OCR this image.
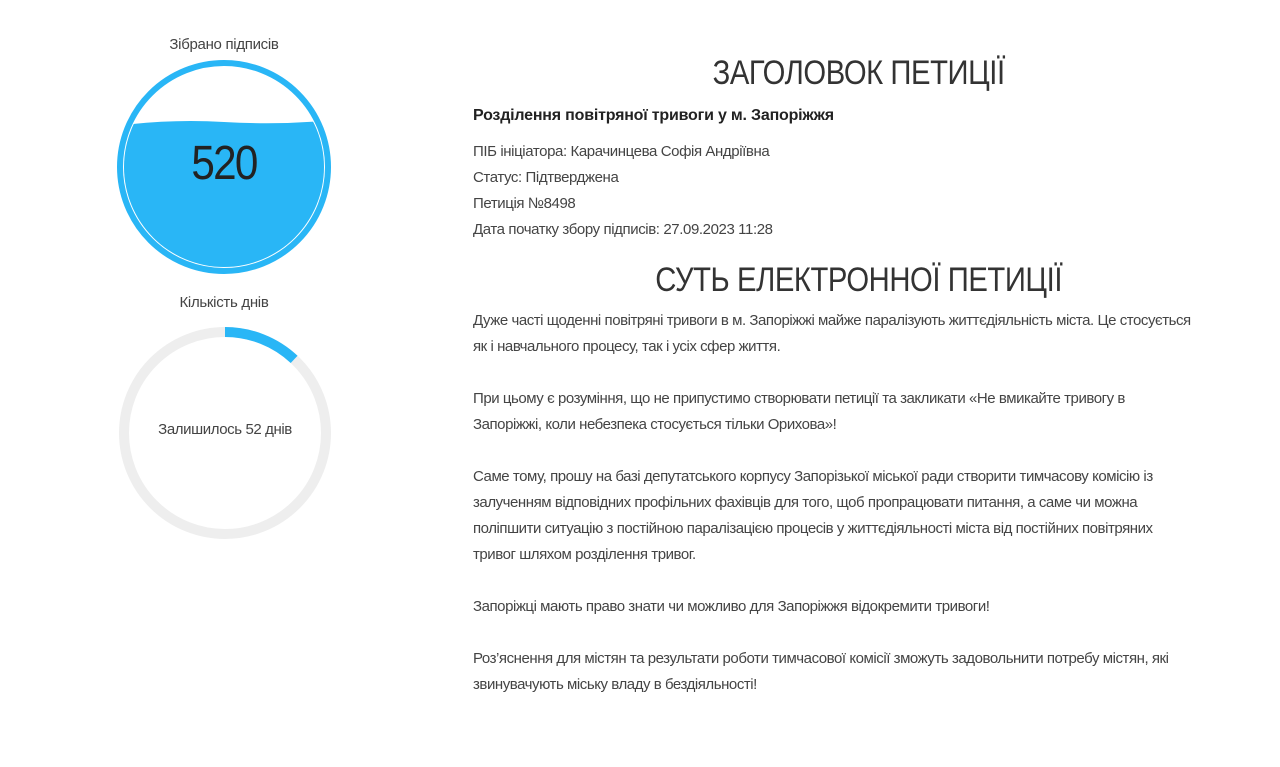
Зібрано підписів
520
Кількість днів
Залишилось 52 днів
ЗАГОЛОВОК ПЕТИЦІЇ
Розділення повітряної тривоги у м. Запоріжжя
ПІБ ініціатора: Карачинцева Софія Андріївна
Статус: Підтверджена
Петиція №8498
Дата початку збору підписів: 27.09.2023 11:28
СУТЬ ЕЛЕКТРОННОЇ ПЕТИЦІЇ

Дуже часті щоденні повітряні тривоги в м. Запоріжжі майже паралізують життєдіяльність міста. Це стосується як і навчального процесу, так і усіх сфер життя.

При цьому є розуміння, що не припустимо створювати петиції та закликати «Не вмикайте тривогу в Запоріжжі, коли небезпека стосується тільки Орихова»!

Саме тому, прошу на базі депутатського корпусу Запорізької міської ради створити тимчасову комісію із залученням відповідних профільних фахівців для того, щоб пропрацювати питання, а саме чи можна поліпшити ситуацію з постійною паралізацією процесів у життєдіяльності міста від постійних повітряних тривог шляхом розділення тривог.

Запоріжці мають право знати чи можливо для Запоріжжя відокремити тривоги!

Роз’яснення для містян та результати роботи тимчасової комісії зможуть задовольнити потребу містян, які звинувачують міську владу в бездіяльності!
